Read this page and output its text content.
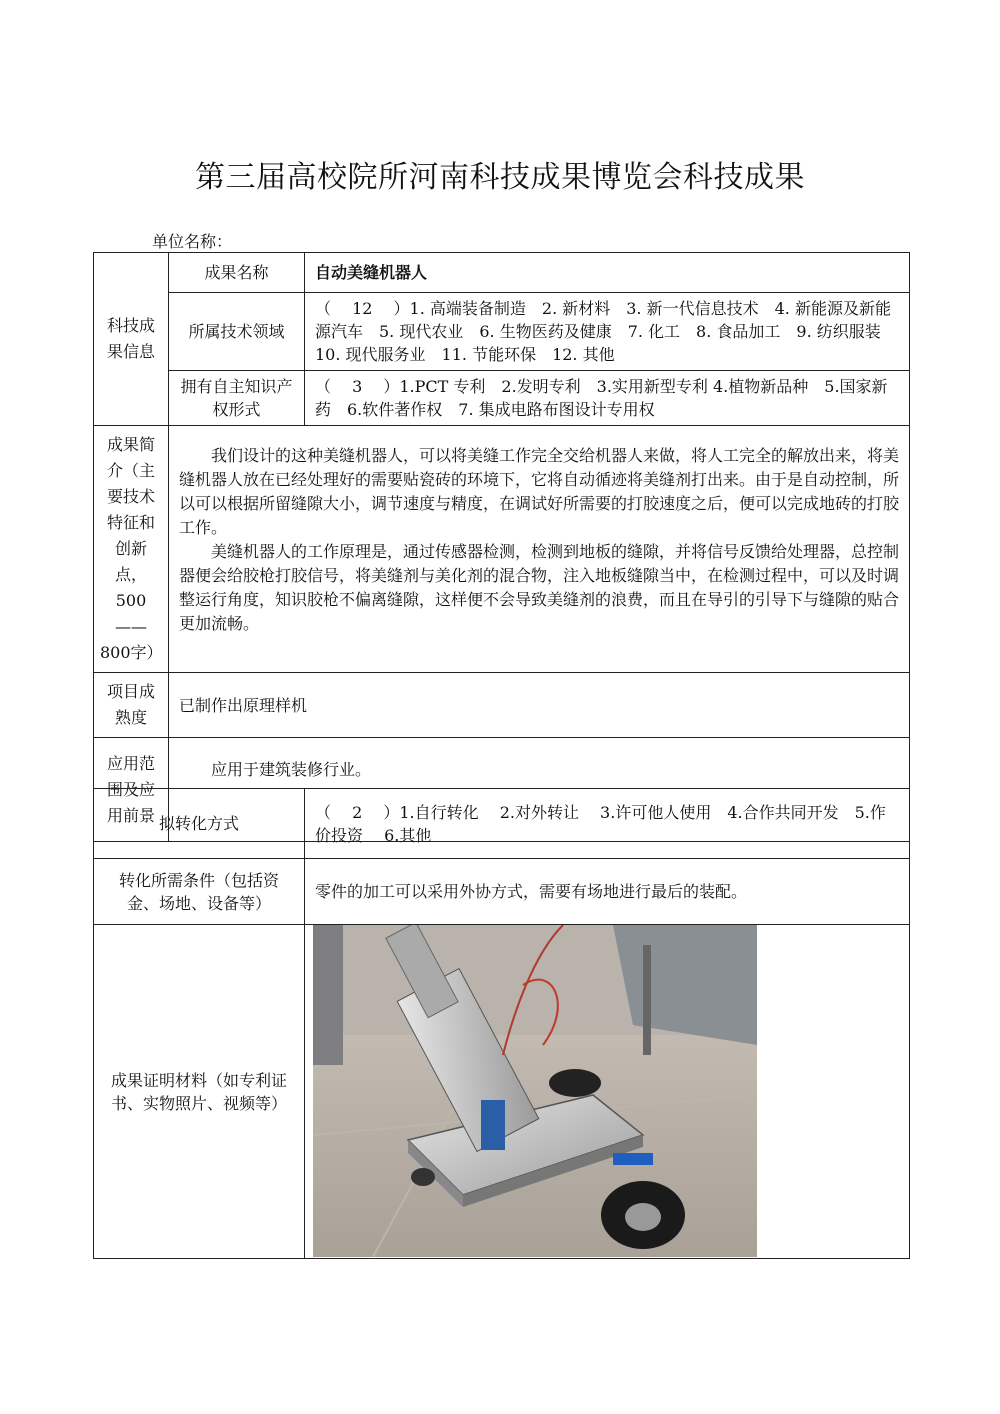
第三届高校院所河南科技成果博览会科技成果
单位名称：
科技成果信息	成果名称	自动美缝机器人
	所属技术领域	（　 12　 ）1. 高端装备制造　2. 新材料　3. 新一代信息技术　4. 新能源及新能源汽车　5. 现代农业　6. 生物医药及健康　7. 化工　8. 食品加工　9. 纺织服装　10. 现代服务业　11. 节能环保　12. 其他
	拥有自主知识产权形式	（　 3 　）1.PCT 专利　2.发明专利　3.实用新型专利 4.植物新品种　5.国家新药　6.软件著作权　7. 集成电路布图设计专用权
成果简介（主要技术特征和创新点，500——800字）	我们设计的这种美缝机器人，可以将美缝工作完全交给机器人来做，将人工完全的解放出来，将美缝机器人放在已经处理好的需要贴瓷砖的环境下，它将自动循迹将美缝剂打出来。由于是自动控制，所以可以根据所留缝隙大小，调节速度与精度，在调试好所需要的打胶速度之后，便可以完成地砖的打胶工作。

美缝机器人的工作原理是，通过传感器检测，检测到地板的缝隙，并将信号反馈给处理器，总控制器便会给胶枪打胶信号，将美缝剂与美化剂的混合物，注入地板缝隙当中，在检测过程中，可以及时调整运行角度，知识胶枪不偏离缝隙，这样便不会导致美缝剂的浪费，而且在导引的引导下与缝隙的贴合更加流畅。	

项目成熟度	已制作出原理样机	
应用范围及应用前景	应用于建筑装修行业。	

拟转化方式	（　 2 　）1.自行转化　 2.对外转让　 3.许可他人使用　4.合作共同开发　5.作价投资　 6.其他
转化所需条件（包括资金、场地、设备等）	零件的加工可以采用外协方式，需要有场地进行最后的装配。
成果证明材料（如专利证书、实物照片、视频等）	
